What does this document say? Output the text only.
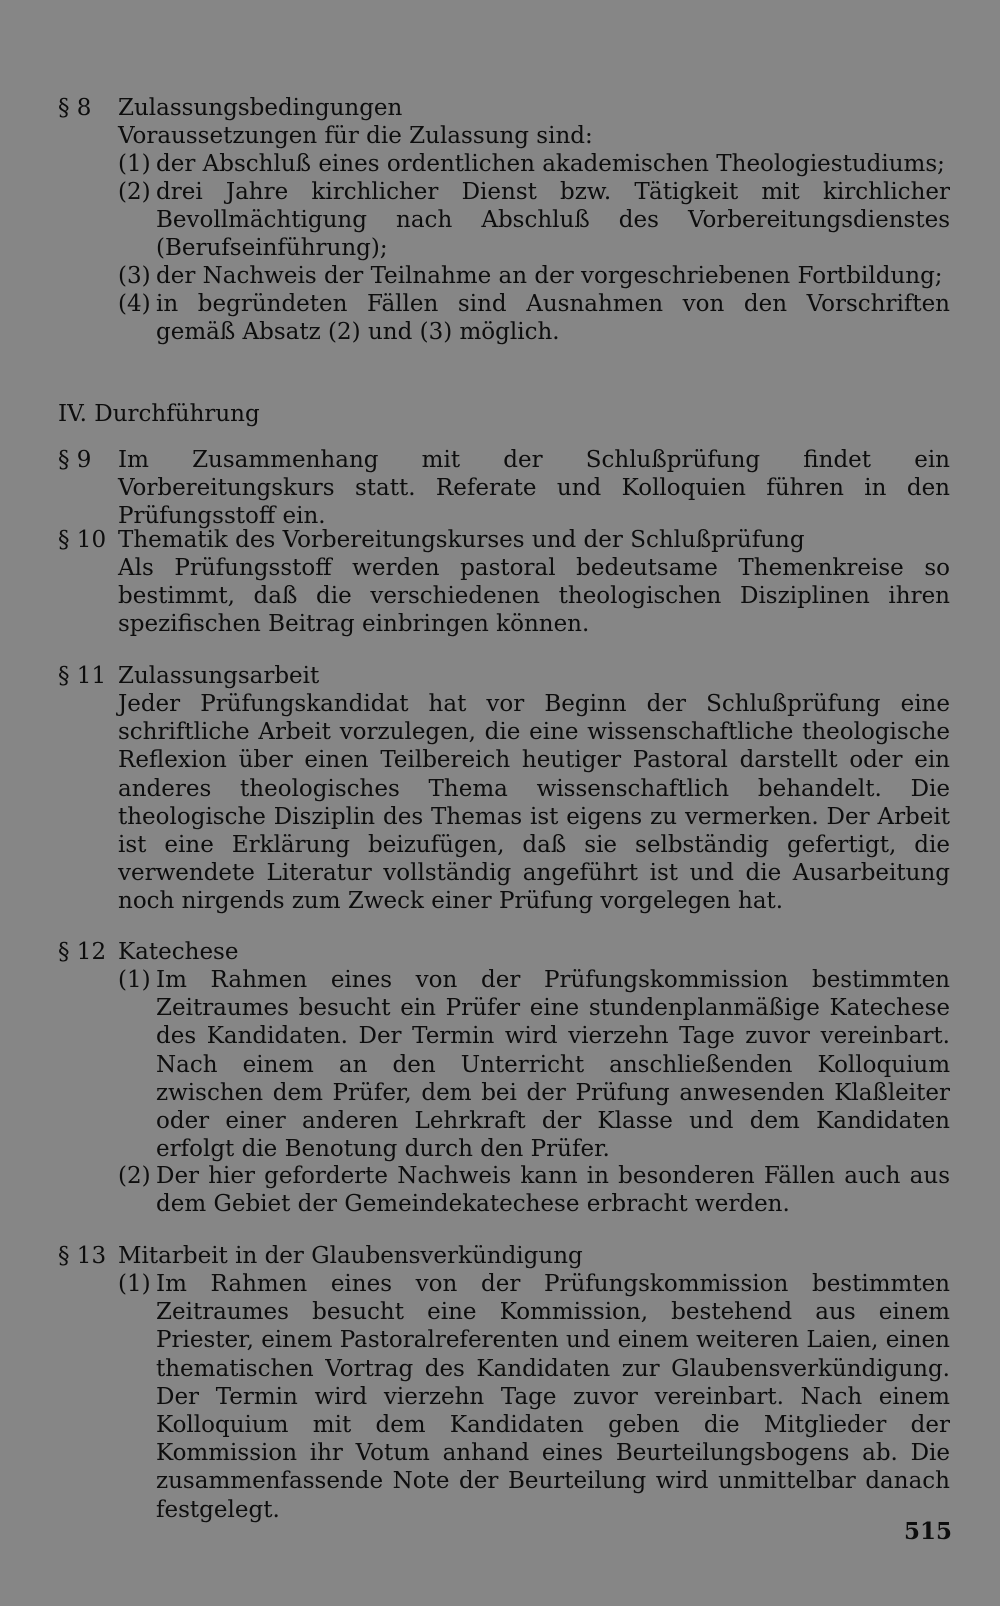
§ 8 Zulassungsbedingungen
Voraussetzungen für die Zulassung sind:
(1) der Abschluß eines ordentlichen akademischen Theologiestudiums;
(2) drei Jahre kirchlicher Dienst bzw. Tätigkeit mit kirchlicher Bevollmächtigung nach Abschluß des Vorbereitungsdienstes (Berufseinführung);
(3) der Nachweis der Teilnahme an der vorgeschriebenen Fortbildung;
(4) in begründeten Fällen sind Ausnahmen von den Vorschriften gemäß Absatz (2) und (3) möglich.
IV. Durchführung
§ 9 Im Zusammenhang mit der Schlußprüfung findet ein Vorbereitungskurs statt. Referate und Kolloquien führen in den Prüfungsstoff ein.
§ 10 Thematik des Vorbereitungskurses und der Schlußprüfung
Als Prüfungsstoff werden pastoral bedeutsame Themenkreise so bestimmt, daß die verschiedenen theologischen Disziplinen ihren spezifischen Beitrag einbringen können.
§ 11 Zulassungsarbeit
Jeder Prüfungskandidat hat vor Beginn der Schlußprüfung eine schriftliche Arbeit vorzulegen, die eine wissenschaftliche theologische Reflexion über einen Teilbereich heutiger Pastoral darstellt oder ein anderes theologisches Thema wissenschaftlich behandelt. Die theologische Disziplin des Themas ist eigens zu vermerken. Der Arbeit ist eine Erklärung beizufügen, daß sie selbständig gefertigt, die verwendete Literatur vollständig angeführt ist und die Ausarbeitung noch nirgends zum Zweck einer Prüfung vorgelegen hat.
§ 12 Katechese
(1) Im Rahmen eines von der Prüfungskommission bestimmten Zeitraumes besucht ein Prüfer eine stundenplanmäßige Katechese des Kandidaten. Der Termin wird vierzehn Tage zuvor vereinbart. Nach einem an den Unterricht anschließenden Kolloquium zwischen dem Prüfer, dem bei der Prüfung anwesenden Klaßleiter oder einer anderen Lehrkraft der Klasse und dem Kandidaten erfolgt die Benotung durch den Prüfer.
(2) Der hier geforderte Nachweis kann in besonderen Fällen auch aus dem Gebiet der Gemeindekatechese erbracht werden.
§ 13 Mitarbeit in der Glaubensverkündigung
(1) Im Rahmen eines von der Prüfungskommission bestimmten Zeitraumes besucht eine Kommission, bestehend aus einem Priester, einem Pastoralreferenten und einem weiteren Laien, einen thematischen Vortrag des Kandidaten zur Glaubensverkündigung. Der Termin wird vierzehn Tage zuvor vereinbart. Nach einem Kolloquium mit dem Kandidaten geben die Mitglieder der Kommission ihr Votum anhand eines Beurteilungsbogens ab. Die zusammenfassende Note der Beurteilung wird unmittelbar danach festgelegt.
515
